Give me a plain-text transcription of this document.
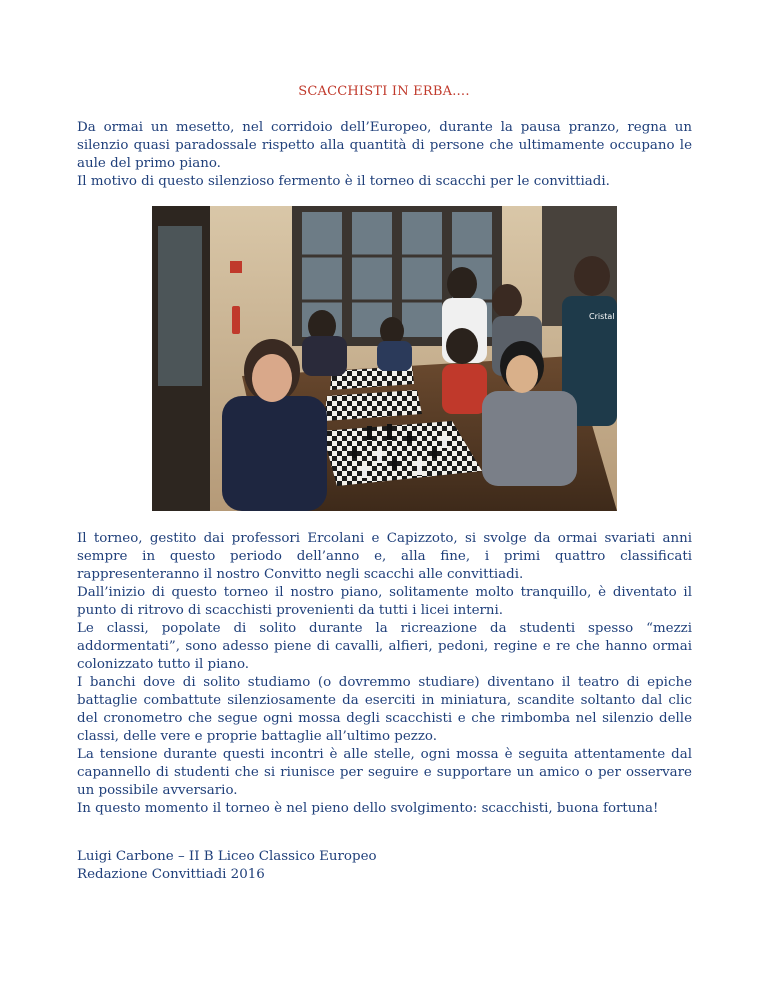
SCACCHISTI IN ERBA….

Da ormai un mesetto, nel corridoio dell’Europeo, durante la pausa pranzo, regna un silenzio quasi paradossale rispetto alla quantità di persone che ultimamente occupano le aule del primo piano.

Il motivo di questo silenzioso fermento è il torneo di scacchi per le convittiadi.

Cristal

Il torneo, gestito dai professori Ercolani e Capizzoto, si svolge da ormai svariati anni sempre in questo periodo dell’anno e, alla fine, i primi quattro classificati rappresenteranno il nostro Convitto negli scacchi alle convittiadi.

Dall’inizio di questo torneo il nostro piano, solitamente molto tranquillo, è diventato il punto di ritrovo di scacchisti provenienti da tutti i licei interni.

Le classi, popolate di solito durante la ricreazione da studenti spesso “mezzi addormentati”, sono adesso piene di cavalli, alfieri, pedoni, regine e re che hanno ormai colonizzato tutto il piano.

I banchi dove di solito studiamo (o dovremmo studiare) diventano il teatro di epiche battaglie combattute silenziosamente da eserciti in miniatura, scandite soltanto dal clic del cronometro che segue ogni mossa degli scacchisti e che rimbomba nel silenzio delle classi, delle vere e proprie battaglie all’ultimo pezzo.

La tensione durante questi incontri è alle stelle, ogni mossa è seguita attentamente dal capannello di studenti che si riunisce per seguire e supportare un amico o per osservare un possibile avversario.

In questo momento il torneo è nel pieno dello svolgimento: scacchisti, buona fortuna!

Luigi Carbone – II B Liceo Classico Europeo
Redazione Convittiadi 2016
